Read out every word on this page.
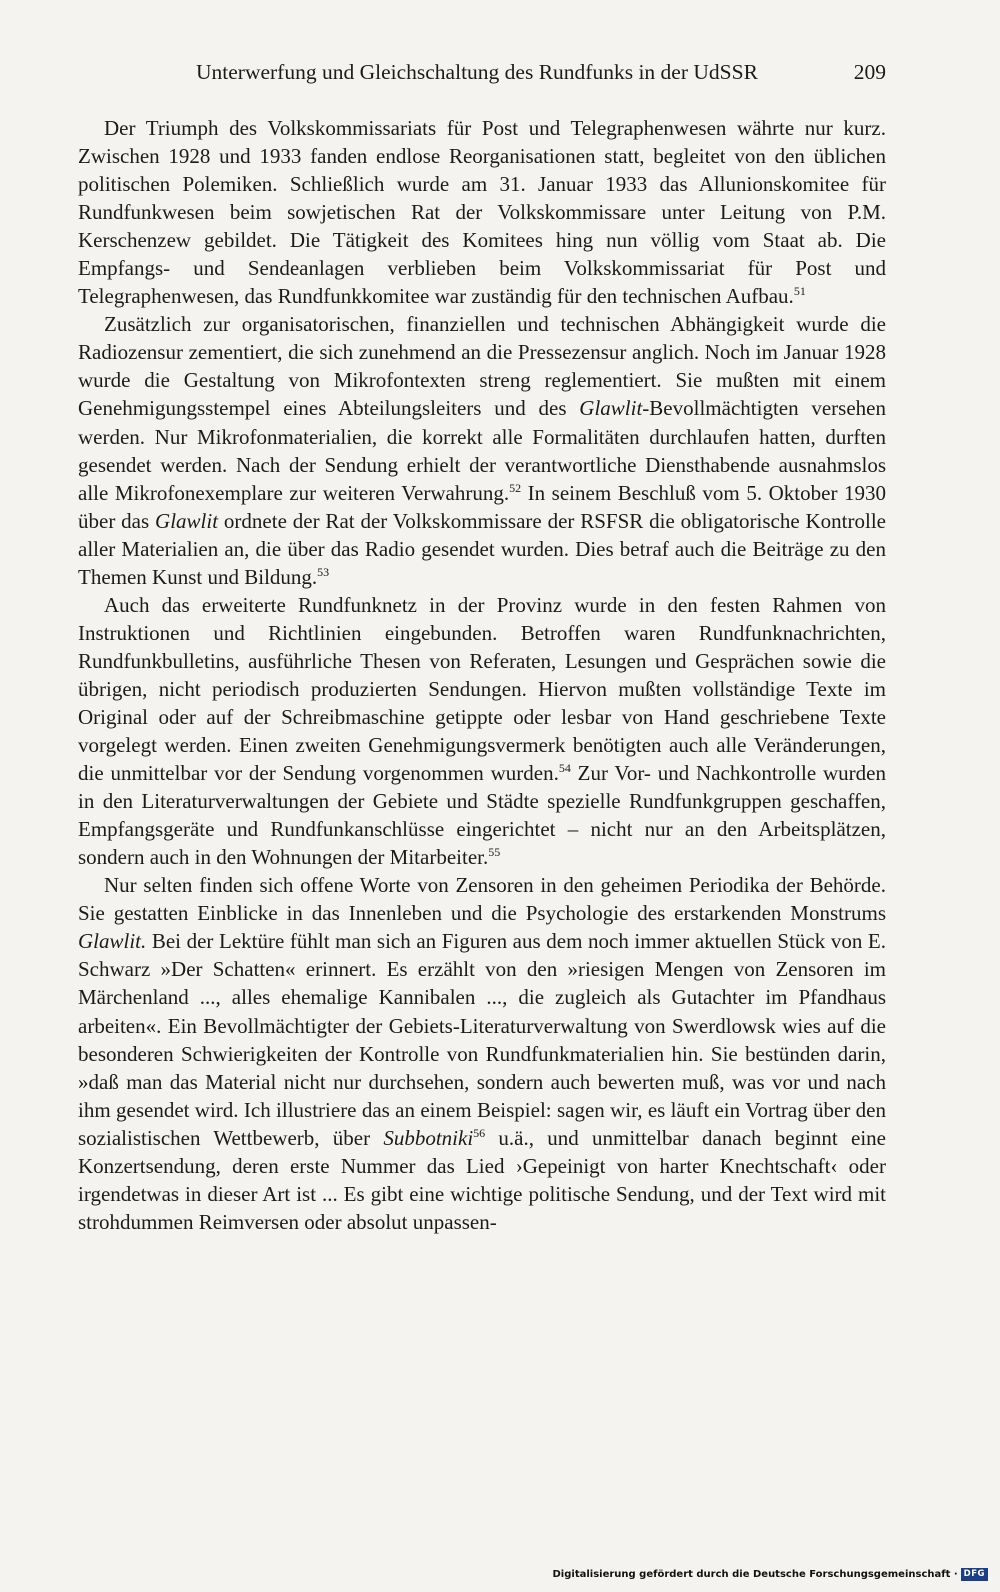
Unterwerfung und Gleichschaltung des Rundfunks in der UdSSR	209

Der Triumph des Volkskommissariats für Post und Telegraphenwesen währte nur kurz. Zwischen 1928 und 1933 fanden endlose Reorganisationen statt, begleitet von den üblichen politischen Polemiken. Schließlich wurde am 31. Januar 1933 das Allunionskomitee für Rundfunkwesen beim sowjetischen Rat der Volkskommissare unter Leitung von P.M. Kerschenzew gebildet. Die Tätigkeit des Komitees hing nun völlig vom Staat ab. Die Empfangs- und Sendeanlagen verblieben beim Volkskommissariat für Post und Telegraphenwesen, das Rundfunkkomitee war zuständig für den technischen Aufbau.$^{51}$

Zusätzlich zur organisatorischen, finanziellen und technischen Abhängigkeit wurde die Radiozensur zementiert, die sich zunehmend an die Pressezensur anglich. Noch im Januar 1928 wurde die Gestaltung von Mikrofontexten streng reglementiert. Sie mußten mit einem Genehmigungsstempel eines Abteilungsleiters und des Glawlit-Bevollmächtigten versehen werden. Nur Mikrofonmaterialien, die korrekt alle Formalitäten durchlaufen hatten, durften gesendet werden. Nach der Sendung erhielt der verantwortliche Diensthabende ausnahmslos alle Mikrofonexemplare zur weiteren Verwahrung.$^{52}$ In seinem Beschluß vom 5. Oktober 1930 über das Glawlit ordnete der Rat der Volkskommissare der RSFSR die obligatorische Kontrolle aller Materialien an, die über das Radio gesendet wurden. Dies betraf auch die Beiträge zu den Themen Kunst und Bildung.$^{53}$

Auch das erweiterte Rundfunknetz in der Provinz wurde in den festen Rahmen von Instruktionen und Richtlinien eingebunden. Betroffen waren Rundfunknachrichten, Rundfunkbulletins, ausführliche Thesen von Referaten, Lesungen und Gesprächen sowie die übrigen, nicht periodisch produzierten Sendungen. Hiervon mußten vollständige Texte im Original oder auf der Schreibmaschine getippte oder lesbar von Hand geschriebene Texte vorgelegt werden. Einen zweiten Genehmigungsvermerk benötigten auch alle Veränderungen, die unmittelbar vor der Sendung vorgenommen wurden.$^{54}$ Zur Vor- und Nachkontrolle wurden in den Literaturverwaltungen der Gebiete und Städte spezielle Rundfunkgruppen geschaffen, Empfangsgeräte und Rundfunkanschlüsse eingerichtet – nicht nur an den Arbeitsplätzen, sondern auch in den Wohnungen der Mitarbeiter.$^{55}$

Nur selten finden sich offene Worte von Zensoren in den geheimen Periodika der Behörde. Sie gestatten Einblicke in das Innenleben und die Psychologie des erstarkenden Monstrums Glawlit. Bei der Lektüre fühlt man sich an Figuren aus dem noch immer aktuellen Stück von E. Schwarz »Der Schatten« erinnert. Es erzählt von den »riesigen Mengen von Zensoren im Märchenland ..., alles ehemalige Kannibalen ..., die zugleich als Gutachter im Pfandhaus arbeiten«. Ein Bevollmächtigter der Gebiets-Literaturverwaltung von Swerdlowsk wies auf die besonderen Schwierigkeiten der Kontrolle von Rundfunkmaterialien hin. Sie bestünden darin, »daß man das Material nicht nur durchsehen, sondern auch bewerten muß, was vor und nach ihm gesendet wird. Ich illustriere das an einem Beispiel: sagen wir, es läuft ein Vortrag über den sozialistischen Wettbewerb, über Subbotniki$^{56}$ u.ä., und unmittelbar danach beginnt eine Konzertsendung, deren erste Nummer das Lied ›Gepeinigt von harter Knechtschaft‹ oder irgendetwas in dieser Art ist ... Es gibt eine wichtige politische Sendung, und der Text wird mit strohdummen Reimversen oder absolut unpassen-

Digitalisierung gefördert durch die Deutsche Forschungsgemeinschaft · DFG
